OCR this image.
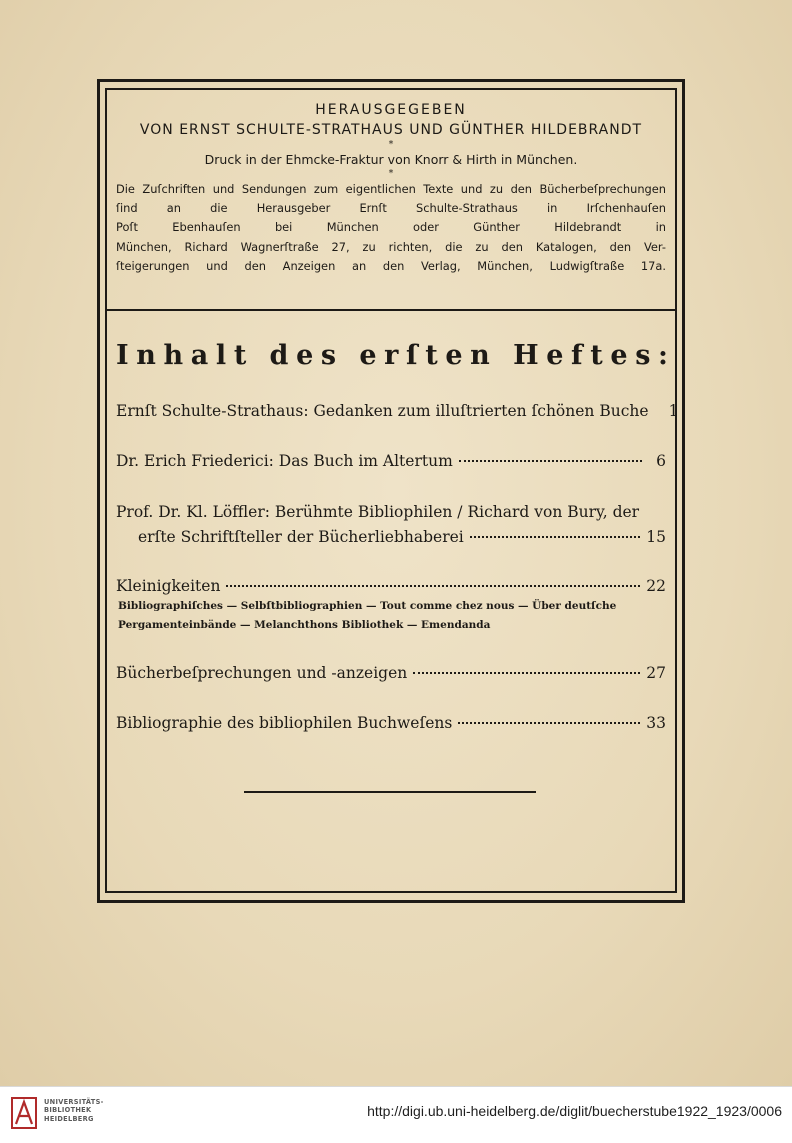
HERAUSGEGEBEN
VON ERNST SCHULTE-STRATHAUS UND GÜNTHER HILDEBRANDT
*
Druck in der Ehmcke-Fraktur von Knorr & Hirth in München.
*
Die Zuſchriften und Sendungen zum eigentlichen Texte und zu den Bücherbeſprechungen
ſind an die Herausgeber Ernſt Schulte-Strathaus in Irſchenhauſen
Poſt Ebenhauſen bei München oder Günther Hildebrandt in
München, Richard Wagnerſtraße 27, zu richten, die zu den Katalogen, den Ver-
ſteigerungen und den Anzeigen an den Verlag, München, Ludwigſtraße 17a.
I n h a l t d e s e r ſ t e n H e f t e s :
Ernſt Schulte-Strathaus: Gedanken zum illuſtrierten ſchönen Buche	1
Dr. Erich Friederici: Das Buch im Altertum	6
Prof. Dr. Kl. Löffler: Berühmte Bibliophilen / Richard von Bury, der
erſte Schriftſteller der Bücherliebhaberei	15
Kleinigkeiten	22
Bibliographiſches — Selbſtbibliographien — Tout comme chez nous — Über deutſche
Pergamenteinbände — Melanchthons Bibliothek — Emendanda
Bücherbeſprechungen und -anzeigen	27
Bibliographie des bibliophilen Buchweſens	33
UNIVERSITÄTS-
BIBLIOTHEK
HEIDELBERG	http://digi.ub.uni-heidelberg.de/diglit/buecherstube1922_1923/0006
